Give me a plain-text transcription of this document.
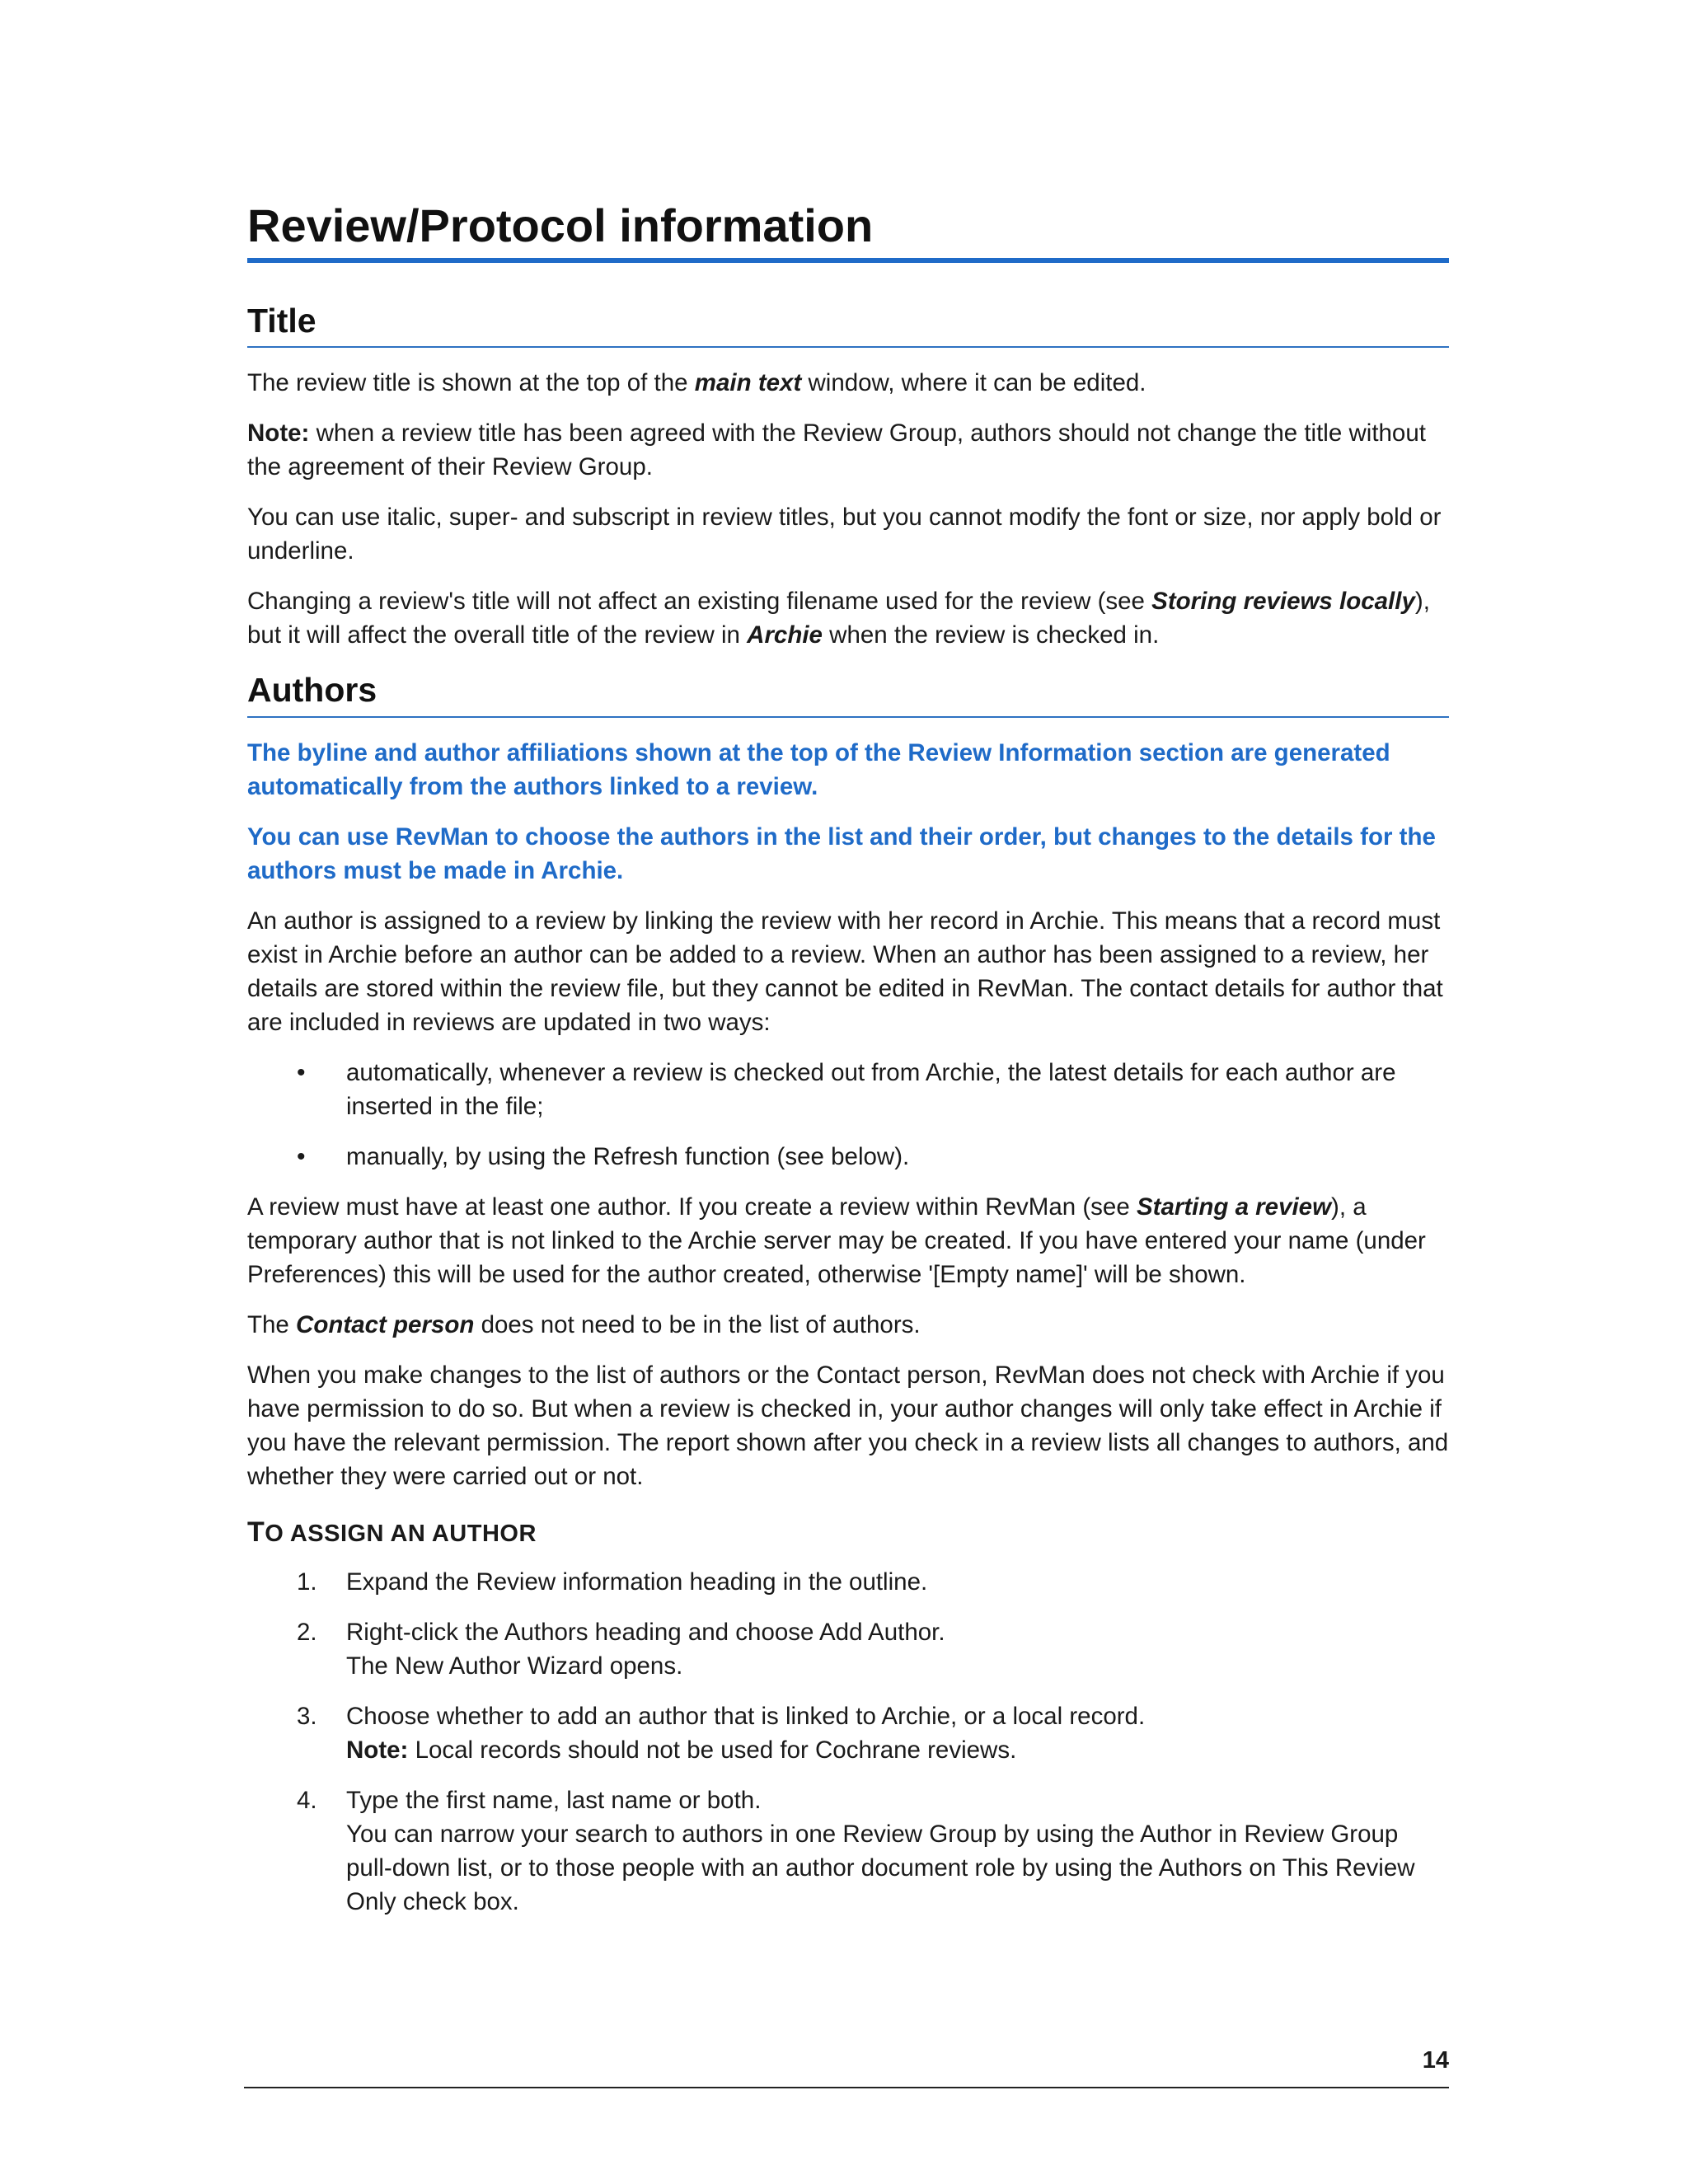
Review/Protocol information
Title

The review title is shown at the top of the main text window, where it can be edited.

Note: when a review title has been agreed with the Review Group, authors should not change the title without the agreement of their Review Group.

You can use italic, super- and subscript in review titles, but you cannot modify the font or size, nor apply bold or underline.

Changing a review's title will not affect an existing filename used for the review (see Storing reviews locally), but it will affect the overall title of the review in Archie when the review is checked in.

Authors

The byline and author affiliations shown at the top of the Review Information section are generated automatically from the authors linked to a review.

You can use RevMan to choose the authors in the list and their order, but changes to the details for the authors must be made in Archie.

An author is assigned to a review by linking the review with her record in Archie. This means that a record must exist in Archie before an author can be added to a review. When an author has been assigned to a review, her details are stored within the review file, but they cannot be edited in RevMan. The contact details for author that are included in reviews are updated in two ways:

• automatically, whenever a review is checked out from Archie, the latest details for each author are inserted in the file;
• manually, by using the Refresh function (see below).

A review must have at least one author. If you create a review within RevMan (see Starting a review), a temporary author that is not linked to the Archie server may be created. If you have entered your name (under Preferences) this will be used for the author created, otherwise '[Empty name]' will be shown.

The Contact person does not need to be in the list of authors.

When you make changes to the list of authors or the Contact person, RevMan does not check with Archie if you have permission to do so. But when a review is checked in, your author changes will only take effect in Archie if you have the relevant permission. The report shown after you check in a review lists all changes to authors, and whether they were carried out or not.

TO ASSIGN AN AUTHOR
1. Expand the Review information heading in the outline.
2. Right-click the Authors heading and choose Add Author.
The New Author Wizard opens.
3. Choose whether to add an author that is linked to Archie, or a local record.
Note: Local records should not be used for Cochrane reviews.
4. Type the first name, last name or both.
You can narrow your search to authors in one Review Group by using the Author in Review Group pull-down list, or to those people with an author document role by using the Authors on This Review Only check box.
14
